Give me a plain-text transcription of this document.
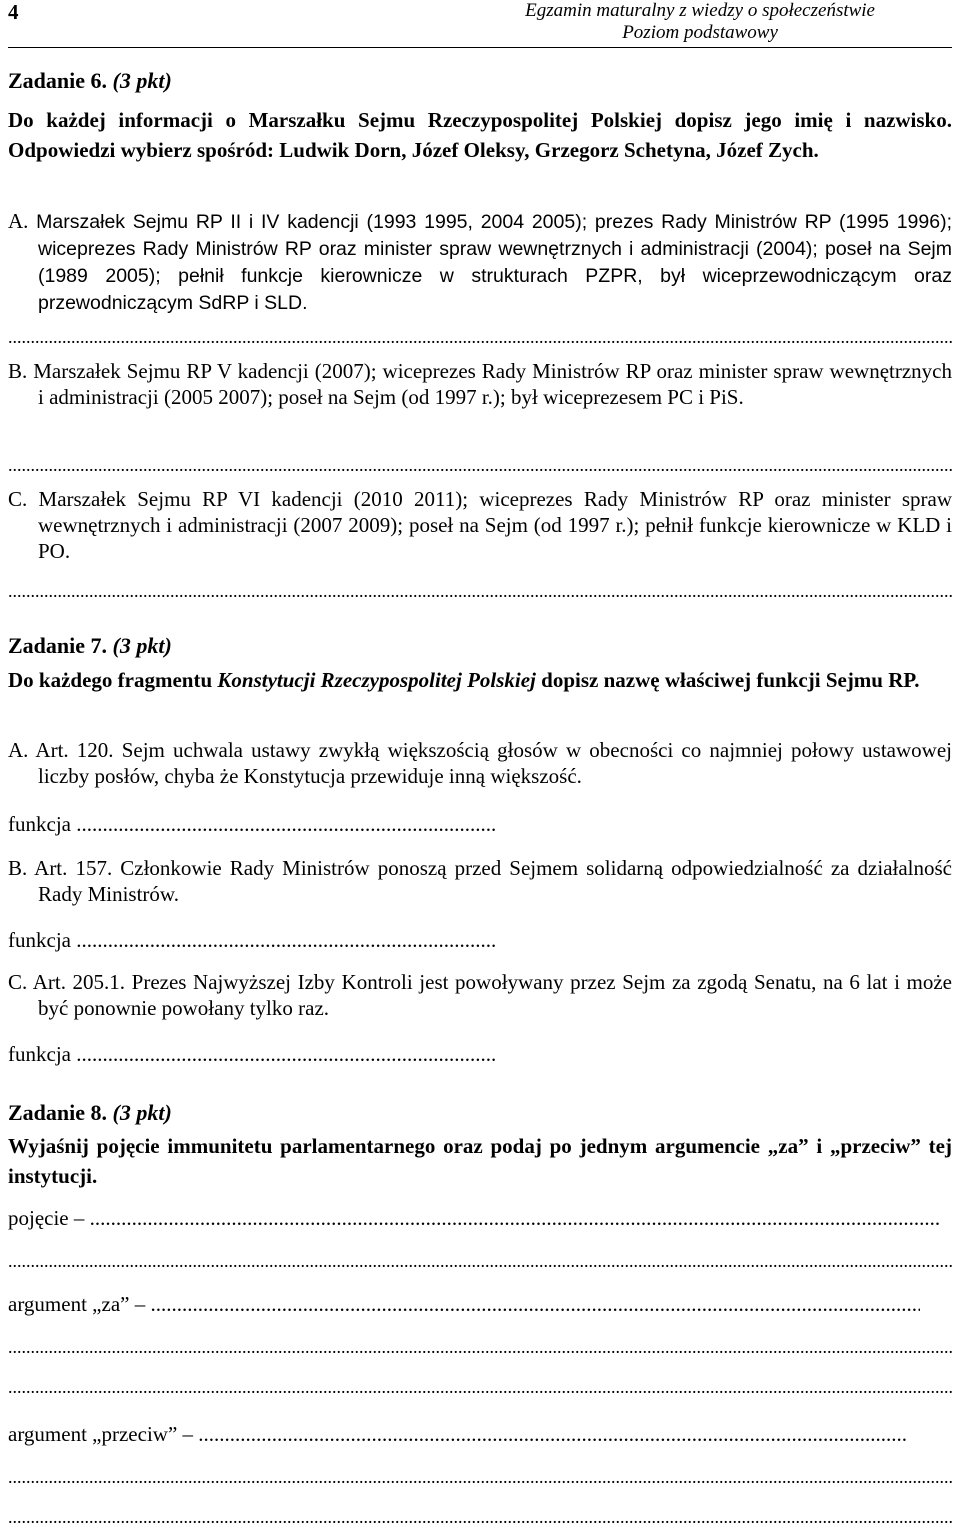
4	Egzamin maturalny z wiedzy o społeczeństwie
Poziom podstawowy
Zadanie 6. (3 pkt)
Do każdej informacji o Marszałku Sejmu Rzeczypospolitej Polskiej dopisz jego imię i nazwisko. Odpowiedzi wybierz spośród: Ludwik Dorn, Józef Oleksy, Grzegorz Schetyna, Józef Zych.
A. Marszałek Sejmu RP II i IV kadencji (1993 1995, 2004 2005); prezes Rady Ministrów RP (1995 1996); wiceprezes Rady Ministrów RP oraz minister spraw wewnętrznych i administracji (2004); poseł na Sejm (1989 2005); pełnił funkcje kierownicze w strukturach PZPR, był wiceprzewodniczącym oraz przewodniczącym SdRP i SLD.
.....
B. Marszałek Sejmu RP V kadencji (2007); wiceprezes Rady Ministrów RP oraz minister spraw wewnętrznych i administracji (2005 2007); poseł na Sejm (od 1997 r.); był wiceprezesem PC i PiS.
.....
C. Marszałek Sejmu RP VI kadencji (2010 2011); wiceprezes Rady Ministrów RP oraz minister spraw wewnętrznych i administracji (2007 2009); poseł na Sejm (od 1997 r.); pełnił funkcje kierownicze w KLD i PO.
.....
Zadanie 7. (3 pkt)
Do każdego fragmentu Konstytucji Rzeczypospolitej Polskiej dopisz nazwę właściwej funkcji Sejmu RP.
A. Art. 120. Sejm uchwala ustawy zwykłą większością głosów w obecności co najmniej połowy ustawowej liczby posłów, chyba że Konstytucja przewiduje inną większość.
funkcja .....
B. Art. 157. Członkowie Rady Ministrów ponoszą przed Sejmem solidarną odpowiedzialność za działalność Rady Ministrów.
funkcja .....
C. Art. 205.1. Prezes Najwyższej Izby Kontroli jest powoływany przez Sejm za zgodą Senatu, na 6 lat i może być ponownie powołany tylko raz.
funkcja .....
Zadanie 8. (3 pkt)
Wyjaśnij pojęcie immunitetu parlamentarnego oraz podaj po jednym argumencie „za” i „przeciw” tej instytucji.
pojęcie – .....
.....
argument „za” – .....
.....
.....
argument „przeciw” – .....
.....
.....
